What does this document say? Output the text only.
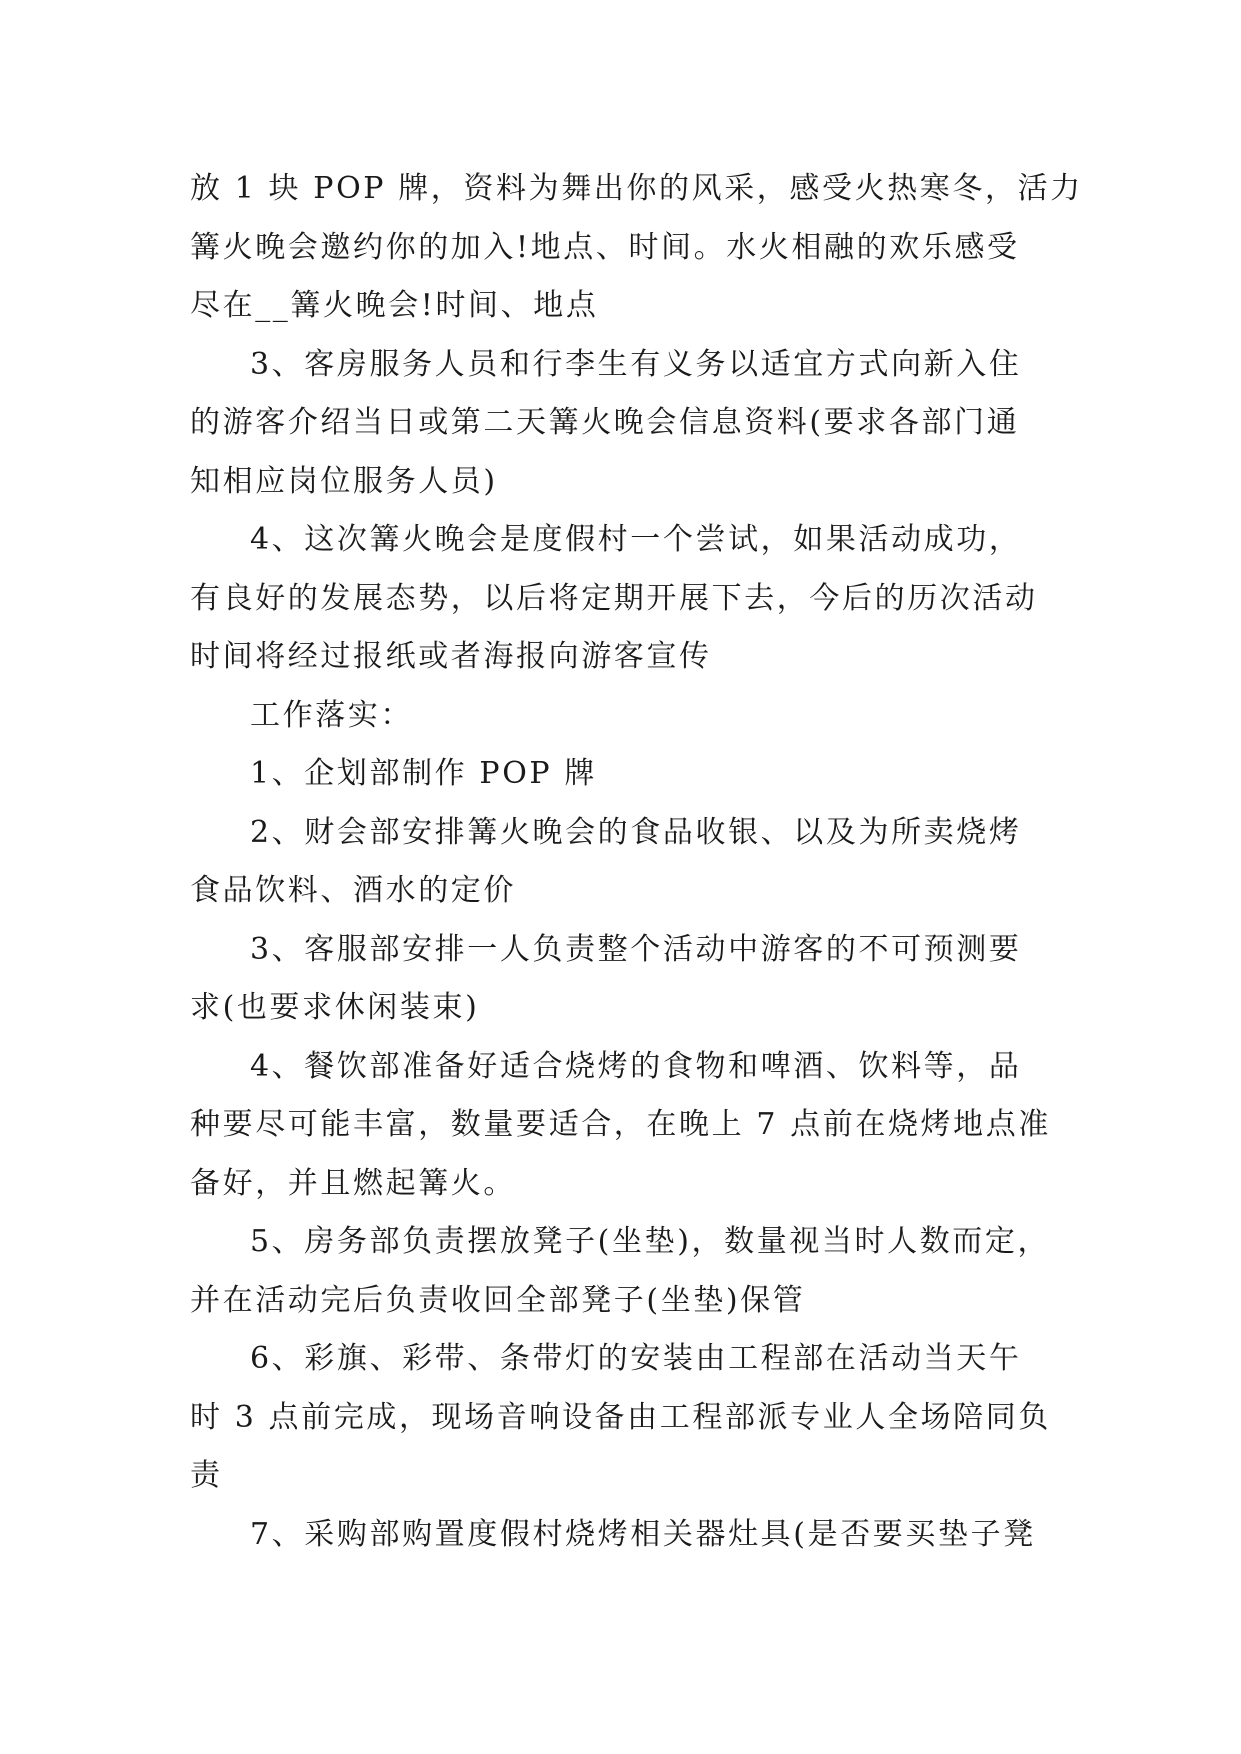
放 1 块 POP 牌，资料为舞出你的风采，感受火热寒冬，活力
篝火晚会邀约你的加入!地点、时间。水火相融的欢乐感受
尽在__篝火晚会!时间、地点
3、客房服务人员和行李生有义务以适宜方式向新入住
的游客介绍当日或第二天篝火晚会信息资料(要求各部门通
知相应岗位服务人员)
4、这次篝火晚会是度假村一个尝试，如果活动成功，
有良好的发展态势，以后将定期开展下去，今后的历次活动
时间将经过报纸或者海报向游客宣传
工作落实：
1、企划部制作 POP 牌
2、财会部安排篝火晚会的食品收银、以及为所卖烧烤
食品饮料、酒水的定价
3、客服部安排一人负责整个活动中游客的不可预测要
求(也要求休闲装束)
4、餐饮部准备好适合烧烤的食物和啤酒、饮料等，品
种要尽可能丰富，数量要适合，在晚上 7 点前在烧烤地点准
备好，并且燃起篝火。
5、房务部负责摆放凳子(坐垫)，数量视当时人数而定，
并在活动完后负责收回全部凳子(坐垫)保管
6、彩旗、彩带、条带灯的安装由工程部在活动当天午
时 3 点前完成，现场音响设备由工程部派专业人全场陪同负
责
7、采购部购置度假村烧烤相关器灶具(是否要买垫子凳
